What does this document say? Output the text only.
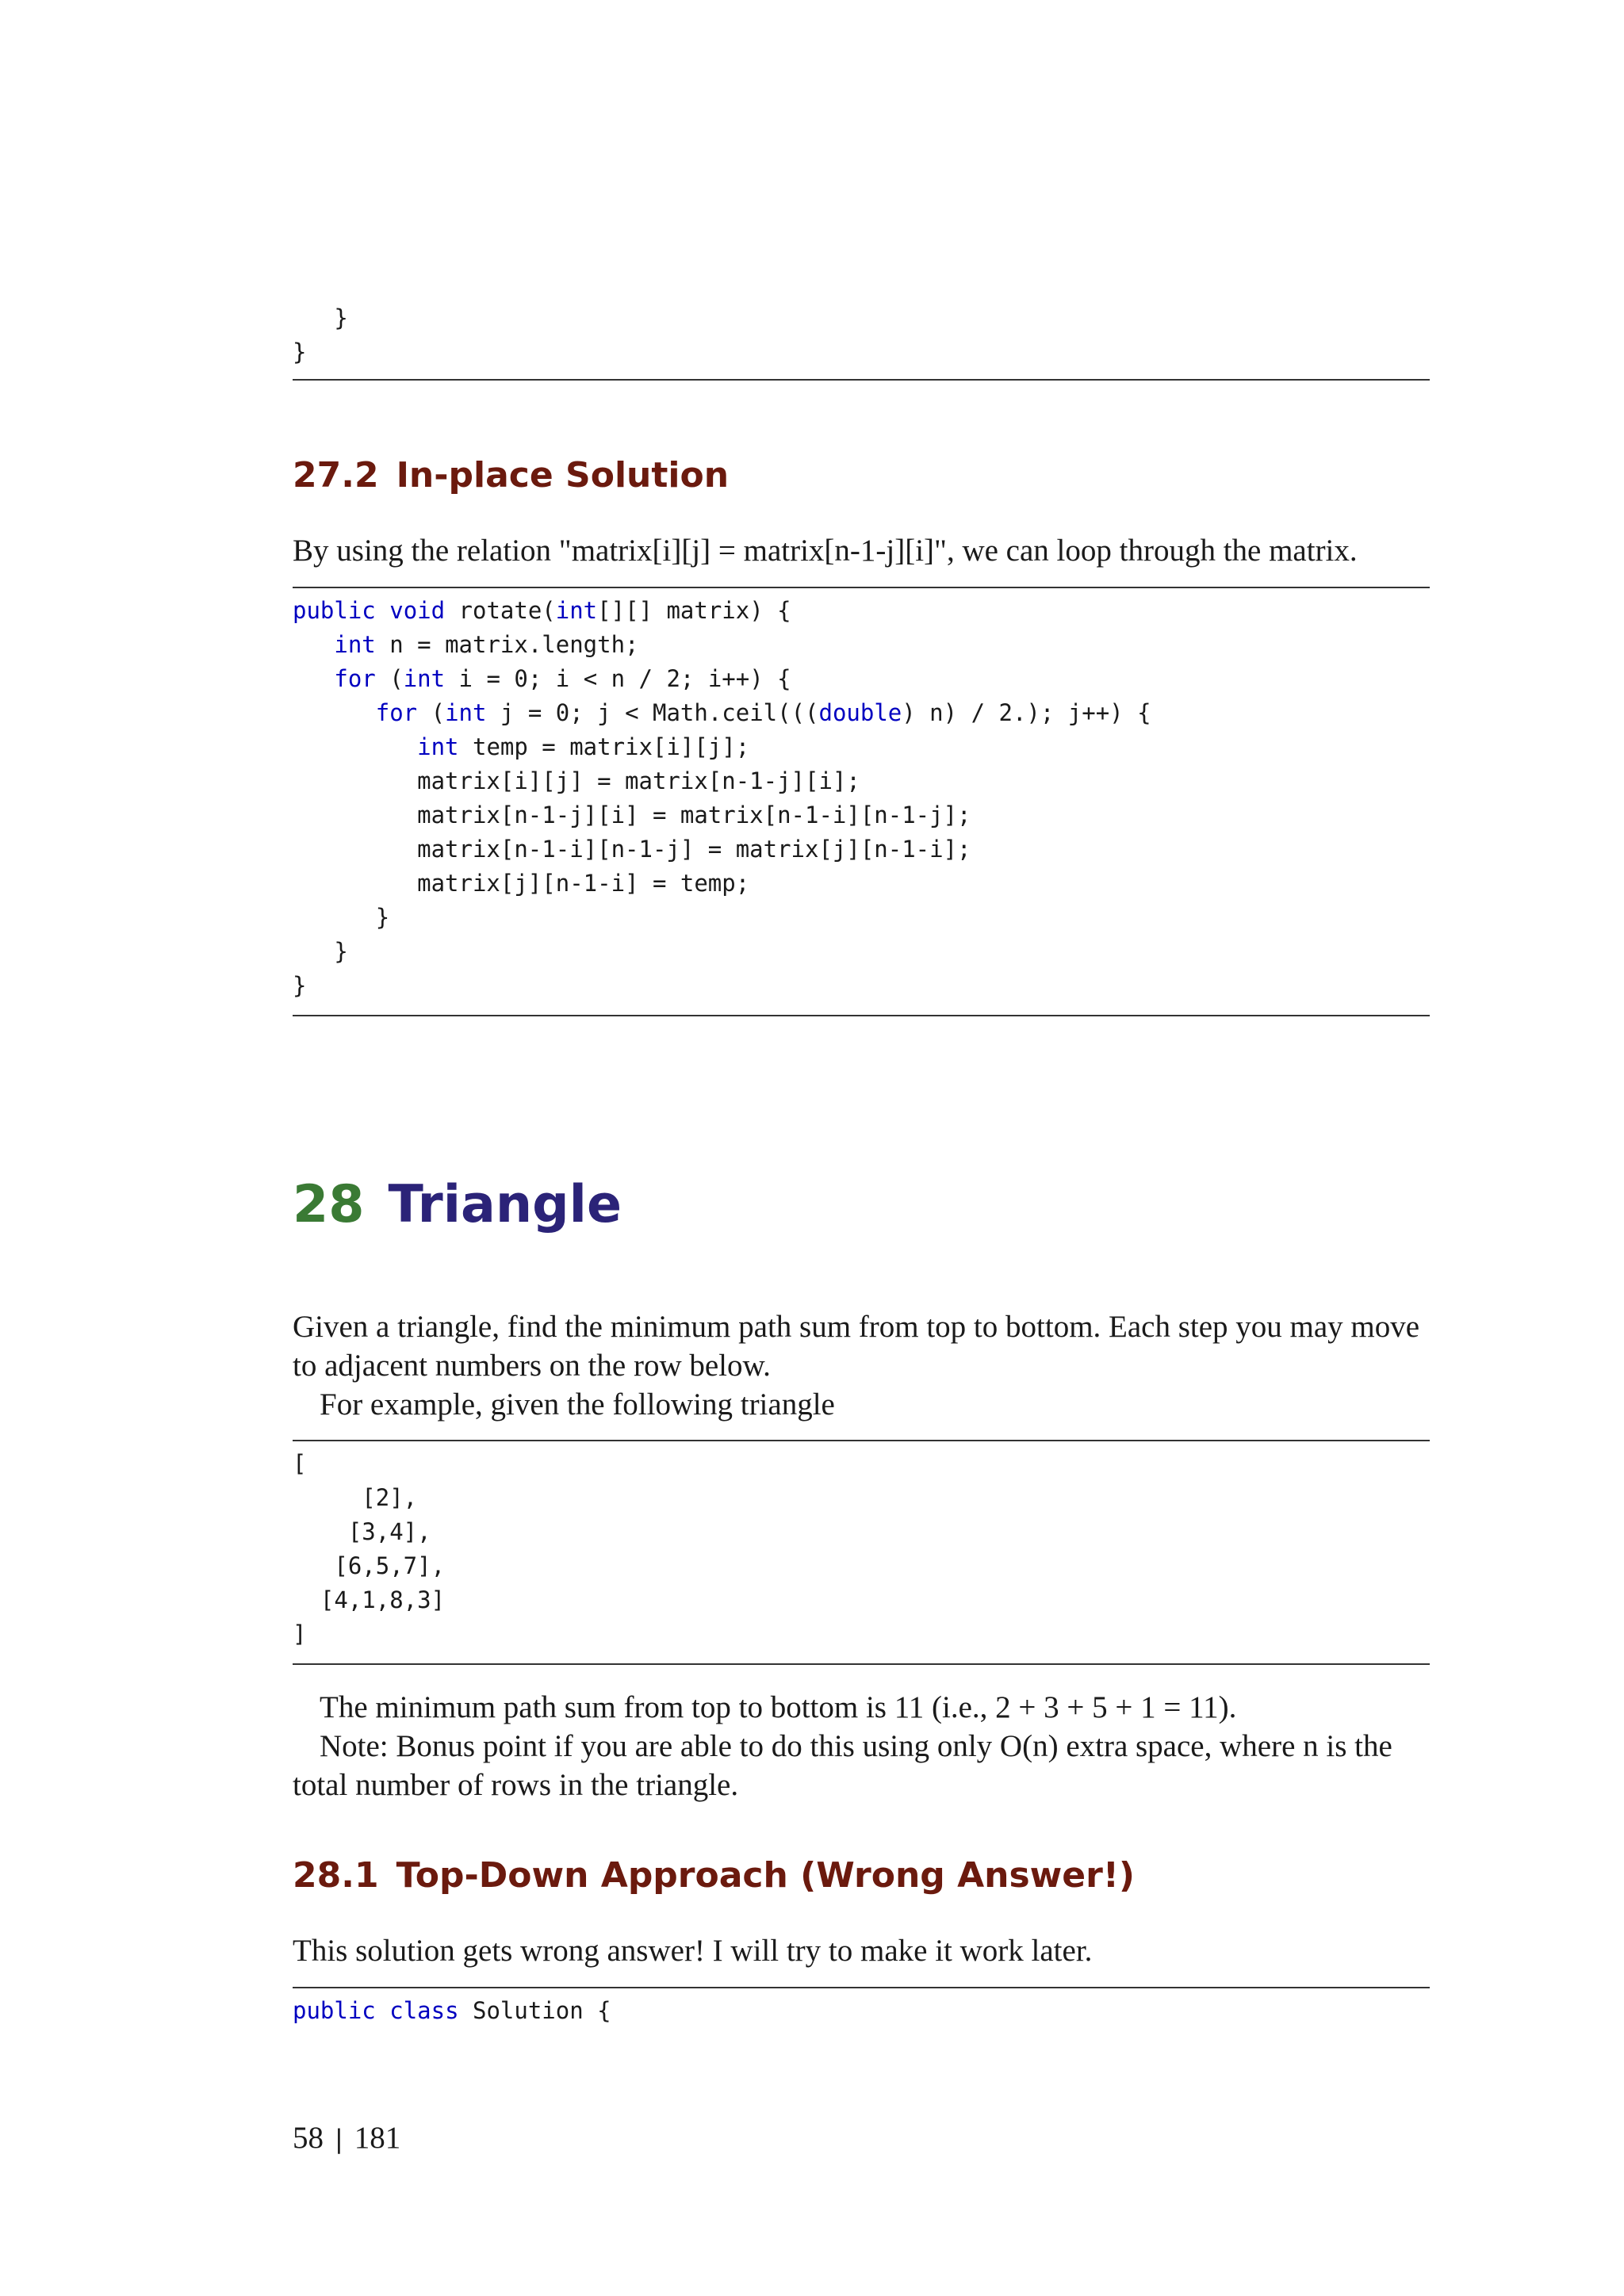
}
}
27.2 In-place Solution

By using the relation "matrix[i][j] = matrix[n-1-j][i]", we can loop through the matrix.

public void rotate(int[][] matrix) {
int n = matrix.length;
for (int i = 0; i < n / 2; i++) {
for (int j = 0; j < Math.ceil(((double) n) / 2.); j++) {
int temp = matrix[i][j];
matrix[i][j] = matrix[n-1-j][i];
matrix[n-1-j][i] = matrix[n-1-i][n-1-j];
matrix[n-1-i][n-1-j] = matrix[j][n-1-i];
matrix[j][n-1-i] = temp;
}
}
}
28 Triangle

Given a triangle, find the minimum path sum from top to bottom. Each step you may move to adjacent numbers on the row below.

For example, given the following triangle

[
[2],
[3,4],
[6,5,7],
[4,1,8,3]
]

The minimum path sum from top to bottom is 11 (i.e., 2 + 3 + 5 + 1 = 11).

Note: Bonus point if you are able to do this using only O(n) extra space, where n is the total number of rows in the triangle.

28.1 Top-Down Approach (Wrong Answer!)

This solution gets wrong answer! I will try to make it work later.

public class Solution {
58 | 181
